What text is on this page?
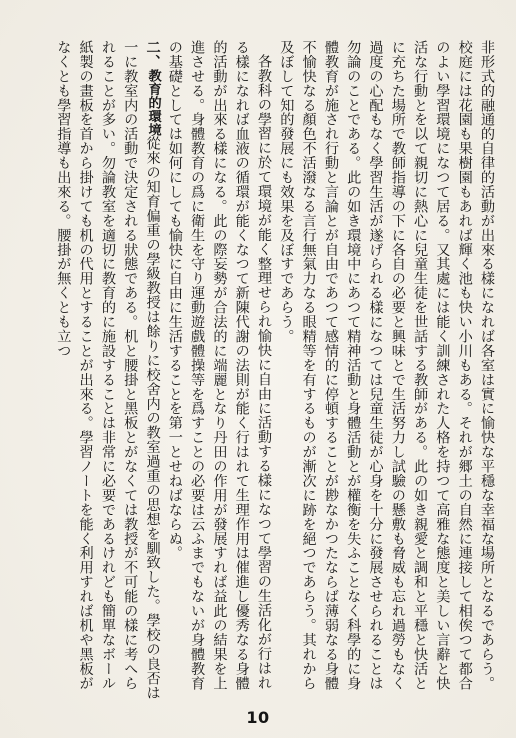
非形式的融通的自律的活動が出來る樣になれば各室は實に愉快な平穩な幸福な場所となるであらう。校庭には花園も果樹園もあれば輝く池も快い小川もある。それが郷土の自然に連接して相俟つて都合のよい學習環境になつて居る。又其處には能く訓練された人格を持つて高雅な態度と美しい言辭と快活な行動とを以て親切に熱心に兒童生徒を世話する教師がある。此の如き親愛と調和と平穩と快活とに充ちた場所で教師指導の下に各自の必要と興味とで生活努力し試驗の懸敷も脅威も忘れ過勞もなく過度の心配もなく學習生活が遂げられる樣になつては兒童生徒が心身を十分に發展させられることは勿論のことである。此の如き環境中にあつて精神活動と身體活動とが權衡を失ふことなく科學的に身體教育が施され行動と言論とが自由であつて感情的に停頓することが尠なかつたならば薄弱なる身體不愉快なる顏色不活潑なる言行無氣力なる眼精等を有するものが漸次に跡を絕つであらう。其れから及ぼして知的發展にも效果を及ぼすであらう。

各教科の學習に於て環境が能く整理せられ愉快に自由に活動する樣になつて學習の生活化が行はれる樣になれば血液の循環が能くなつて新陳代謝の法則が能く行はれて生理作用は催進し優秀なる身體的活動が出來る樣になる。此の際妄勢が合法的に端麗となり丹田の作用が發展すれば益此の結果を上進させる。身體教育の爲に衛生を守り運動遊戲體操等を爲すことの必要は云ふまでもないが身體教育の基礎としては如何にしても愉快に自由に生活することを第一とせねばならぬ。

二、教育的環境從來の知育偏重の學級教授は餘りに校舍内の教室過重の思想を馴致した。學校の良否は一に教室内の活動で決定される狀態である。机と腰掛と黑板とがなくては教授が不可能の樣に考へられることが多い。勿論教室を適切に教育的に施設することは非常に必要であるけれども簡單なボール紙製の畫板を首から掛けても机の代用とすることが出來る。學習ノートを能く利用すれば机や黑板がなくとも學習指導も出來る。腰掛が無くとも立つ
10
